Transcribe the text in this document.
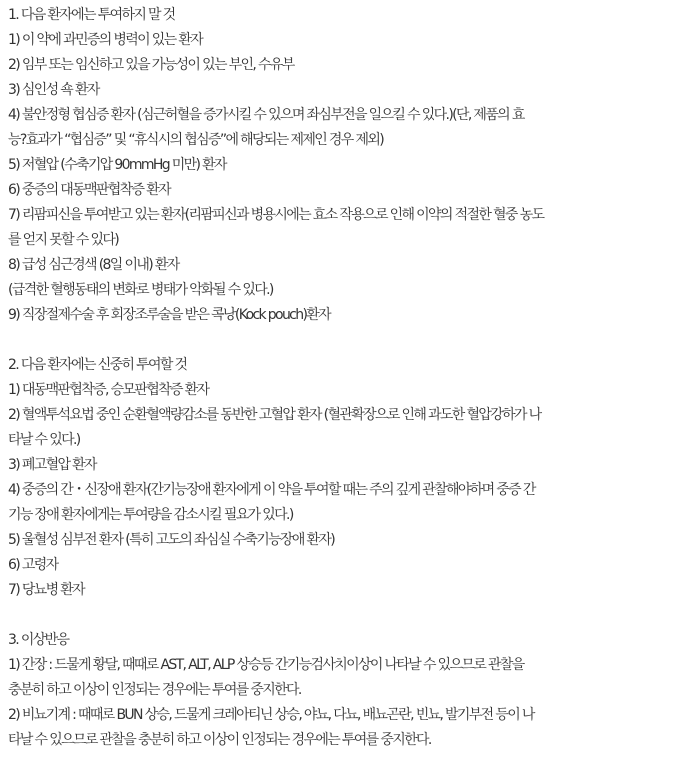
1. 다음 환자에는 투여하지 말 것
1) 이 약에 과민증의 병력이 있는 환자
2) 임부 또는 임신하고 있을 가능성이 있는 부인, 수유부
3) 심인성 쇽 환자
4) 불안정형 협심증 환자 (심근허혈을 증가시킬 수 있으며 좌심부전을 일으킬 수 있다.)(단, 제품의 효
능?효과가 “협심증” 및 “휴식시의 협심증”에 해당되는 제제인 경우 제외)
5) 저혈압 (수축기압 90mmHg 미만) 환자
6) 중증의 대동맥판협착증 환자
7) 리팜피신을 투여받고 있는 환자(리팜피신과 병용시에는 효소 작용으로 인해 이약의 적절한 혈중 농도
를 얻지 못할 수 있다)
8) 급성 심근경색 (8일 이내) 환자
(급격한 혈행동태의 변화로 병태가 악화될 수 있다.)
9) 직장절제수술 후 회장조루술을 받은 콕낭(Kock pouch)환자
2. 다음 환자에는 신중히 투여할 것
1) 대동맥판협착증, 승모판협착증 환자
2) 혈액투석요법 중인 순환혈액량감소를 동반한 고혈압 환자 (혈관확장으로 인해 과도한 혈압강하가 나
타날 수 있다.)
3) 폐고혈압 환자
4) 중증의 간・신장애 환자(간기능장애 환자에게 이 약을 투여할 때는 주의 깊게 관찰해야하며 중증 간
기능 장애 환자에게는 투여량을 감소시킬 필요가 있다.)
5) 울혈성 심부전 환자 (특히 고도의 좌심실 수축기능장애 환자)
6) 고령자
7) 당뇨병 환자
3. 이상반응
1) 간장 : 드물게 황달, 때때로 AST, ALT, ALP 상승등 간기능검사치이상이 나타날 수 있으므로 관찰을
충분히 하고 이상이 인정되는 경우에는 투여를 중지한다.
2) 비뇨기계 : 때때로 BUN 상승, 드물게 크레아티닌 상승, 야뇨, 다뇨, 배뇨곤란, 빈뇨, 발기부전 등이 나
타날 수 있으므로 관찰을 충분히 하고 이상이 인정되는 경우에는 투여를 중지한다.
